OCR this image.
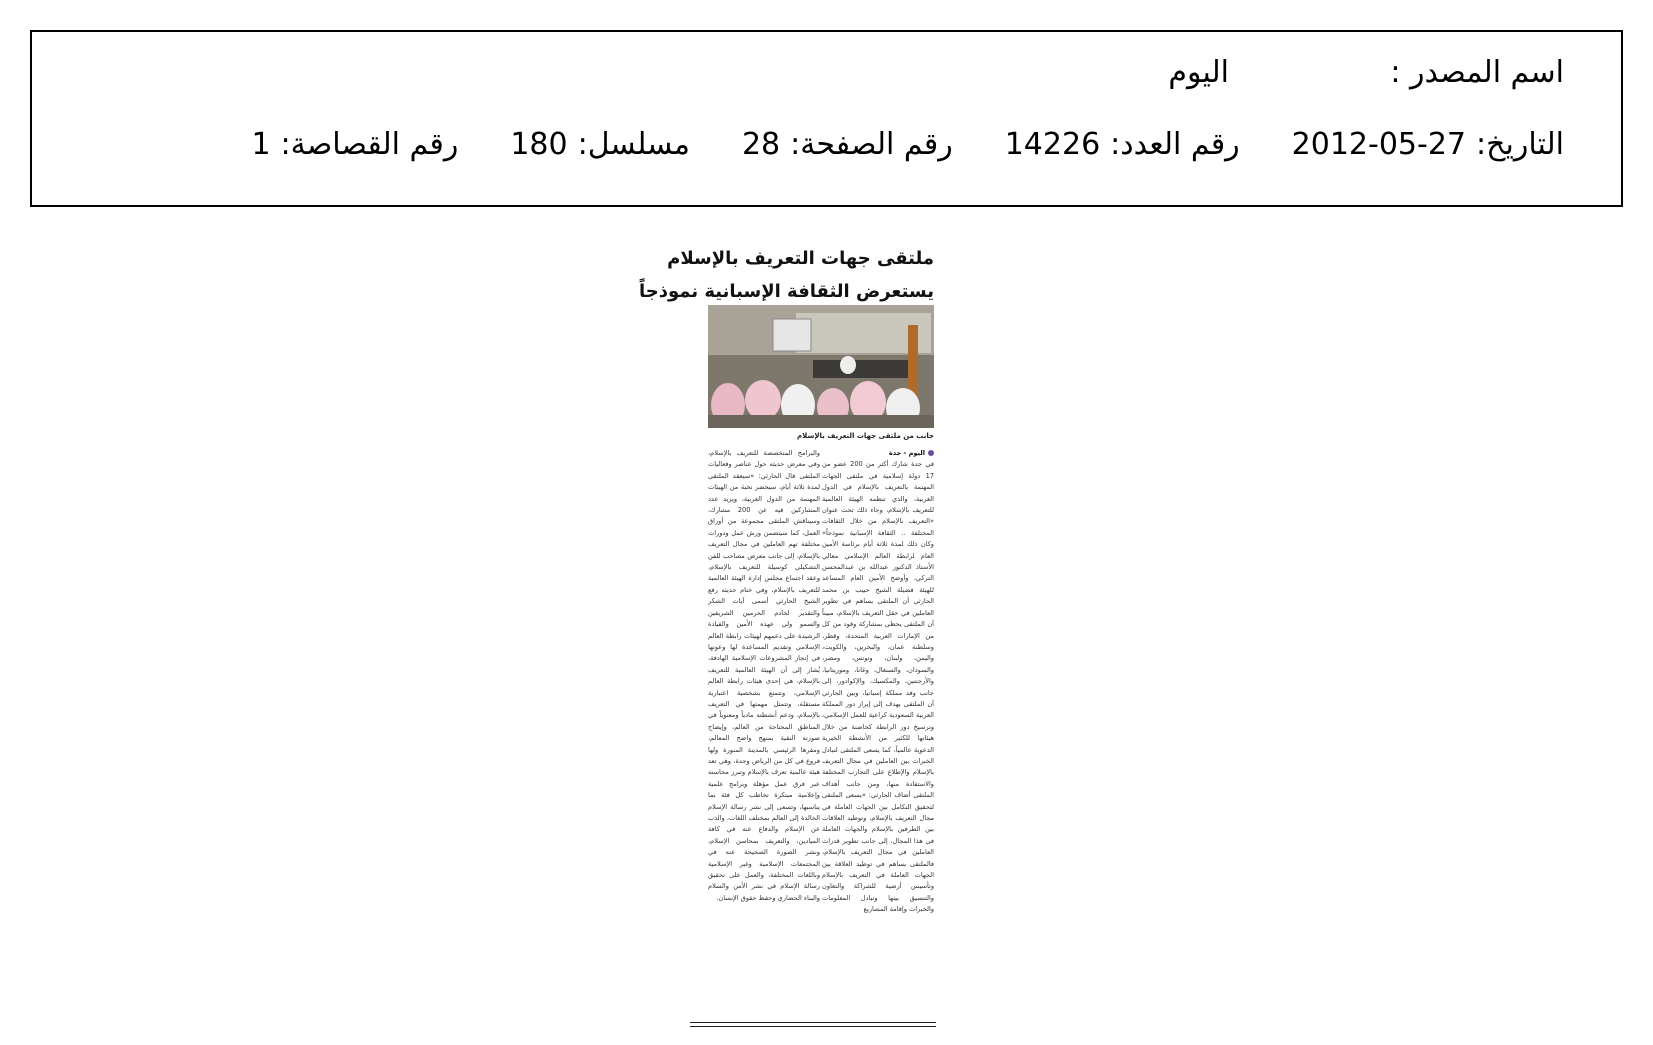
اسم المصدر :
اليوم
التاريخ:
2012-05-27
رقم العدد:
14226
رقم الصفحة:
28
مسلسل:
180
رقم القصاصة:
1
ملتقى جهات التعريف بالإسلام
يستعرض الثقافة الإسبانية نموذجاً
جانب من ملتقى جهات التعريف بالإسلام
اليوم - جدة
في جدة شارك أكثر من 200 عضو من 17 دولة إسلامية في ملتقى الجهات المهتمة بالتعريف بالإسلام في الدول الغربية، والذي تنظمه الهيئة العالمية للتعريف بالإسلام، وجاء ذلك تحت عنوان «التعريف بالإسلام من خلال الثقافات المختلفة .. الثقافة الإسبانية نموذجاً» وكان ذلك لمدة ثلاثة أيام برئاسة الأمين العام لرابطة العالم الإسلامي معالي الأستاذ الدكتور عبدالله بن عبدالمحسن التركي، وأوضح الأمين العام المساعد للهيئة فضيلة الشيخ حبيب بن محمد الحارثي أن الملتقى يساهم في تطوير العاملين في حقل التعريف بالإسلام، مبيناً أن الملتقى يحظى بمشاركة وفود من كل من الإمارات العربية المتحدة، وقطر، وسلطنة عمان، والبحرين، والكويت، واليمن، ولبنان، وتونس، ومصر، والسودان، والسنغال، وغانا، وموريتانيا، والأرجنتين، والمكسيك، والإكوادور، إلى جانب وفد مملكة إسبانيا، وبين الحارثي أن الملتقى يهدف إلى إبراز دور المملكة العربية السعودية كراعية للعمل الإسلامي، وترسيخ دور الرابطة كحاضنة من خلال هيئاتها للكثير من الأنشطة الخيرية الدعوية عالمياً، كما يسعى الملتقى لتبادل الخبرات بين العاملين في مجال التعريف بالإسلام والإطلاع على التجارب المختلفة والاستفادة منها، ومن جانب أهداف الملتقى أضاف الحارثي: «يسعى الملتقى لتحقيق التكامل بين الجهات العاملة في مجال التعريف بالإسلام، وتوطيد العلاقات بين الطرفين بالإسلام والجهات العاملة في هذا المجال، إلى جانب تطوير قدرات العاملين في مجال التعريف بالإسلام، فالملتقى يساهم في توطيد العلاقة بين الجهات العاملة في التعريف بالإسلام وتأسيس أرضية للشراكة والتعاون والتنسيق بينها وتبادل المعلومات والخبرات وإقامة المشاريع
والبرامج المتخصصة للتعريف بالإسلام، وفي معرض حديثه حول عناصر وفعاليات الملتقى قال الحارثي: «سيعقد الملتقى لمدة ثلاثة أيام، سيحضر نخبة من الهيئات المهتمة من الدول الغربية، ويزيد عدد المشاركين فيه عن 200 مشارك، وسيناقش الملتقى مجموعة من أوراق العمل، كما سيتضمن ورش عمل ودورات مختلفة تهم العاملين في مجال التعريف بالإسلام، إلى جانب معرض مصاحب للفن التشكيلي كوسيلة للتعريف بالإسلام، وعقد اجتماع مجلس إدارة الهيئة العالمية للتعريف بالإسلام، وفي ختام حديثه رفع الشيخ الحارثي أسمى آيات الشكر والتقدير لخادم الحرمين الشريفين والسمو ولي عهده الأمين والقيادة الرشيدة على دعمهم لهيئات رابطة العالم الإسلامي وتقديم المساعدة لها وعونها في إنجاز المشروعات الإسلامية الهادفة، يُشار إلى أن الهيئة العالمية للتعريف بالإسلام، هي إحدى هيئات رابطة العالم الإسلامي، وتتمتع بشخصية اعتبارية مستقلة، وتتمثل مهمتها في التعريف بالإسلام، ودعم أنشطته مادياً ومعنوياً في المناطق المحتاجة من العالم، وإيضاح صورته النقية بمنهج واضح المعالم، ومقرها الرئيسي بالمدينة المنورة ولها فروع في كل من الرياض وجدة، وهي تعد هيئة عالمية تعرف بالإسلام وتبرز محاسنه عبر فرق عمل مؤهلة وبرامج علمية وإعلامية مبتكرة تخاطب كل فئة بما يناسبها، وتسعى إلى نشر رسالة الإسلام الخالدة إلى العالم بمختلف اللغات، والذب عن الإسلام والدفاع عنه في كافة الميادين، والتعريف بمحاسن الإسلام، ونشر الصورة الصحيحة عنه في المجتمعات الإسلامية وغير الإسلامية وباللغات المختلفة، والعمل على تحقيق رسالة الإسلام في نشر الأمن والسلام والبناء الحضاري وحفظ حقوق الإنسان.
